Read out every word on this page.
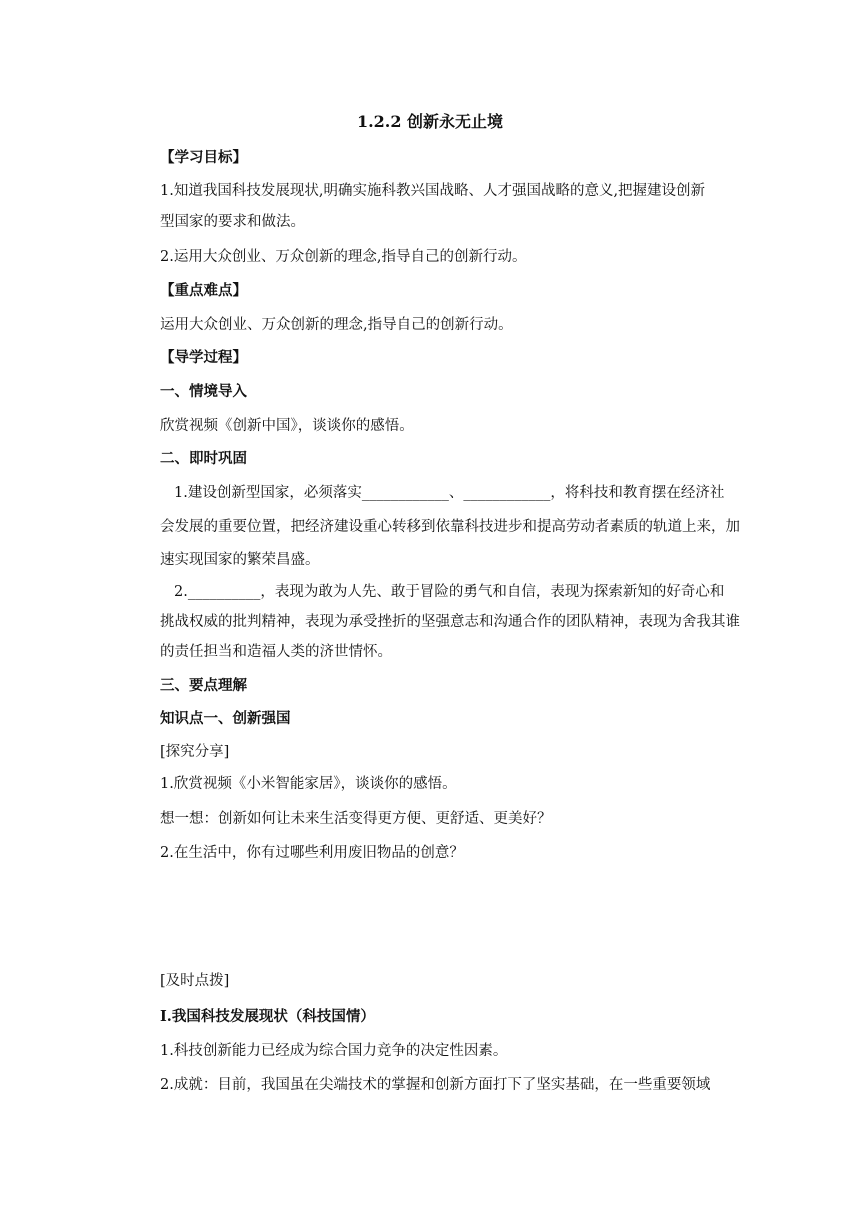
1.2.2 创新永无止境
【学习目标】
1.知道我国科技发展现状,明确实施科教兴国战略、人才强国战略的意义,把握建设创新
型国家的要求和做法。
2.运用大众创业、万众创新的理念,指导自己的创新行动。
【重点难点】
运用大众创业、万众创新的理念,指导自己的创新行动。
【导学过程】
一、情境导入
欣赏视频《创新中国》，谈谈你的感悟。
二、即时巩固
1.建设创新型国家，必须落实____________、____________，将科技和教育摆在经济社
会发展的重要位置，把经济建设重心转移到依靠科技进步和提高劳动者素质的轨道上来，加
速实现国家的繁荣昌盛。
2.__________，表现为敢为人先、敢于冒险的勇气和自信，表现为探索新知的好奇心和
挑战权威的批判精神，表现为承受挫折的坚强意志和沟通合作的团队精神，表现为舍我其谁
的责任担当和造福人类的济世情怀。
三、要点理解
知识点一、创新强国
[探究分享]
1.欣赏视频《小米智能家居》，谈谈你的感悟。
想一想：创新如何让未来生活变得更方便、更舒适、更美好？
2.在生活中，你有过哪些利用废旧物品的创意？
[及时点拨]
Ⅰ.我国科技发展现状（科技国情）
1.科技创新能力已经成为综合国力竞争的决定性因素。
2.成就：目前，我国虽在尖端技术的掌握和创新方面打下了坚实基础，在一些重要领域
